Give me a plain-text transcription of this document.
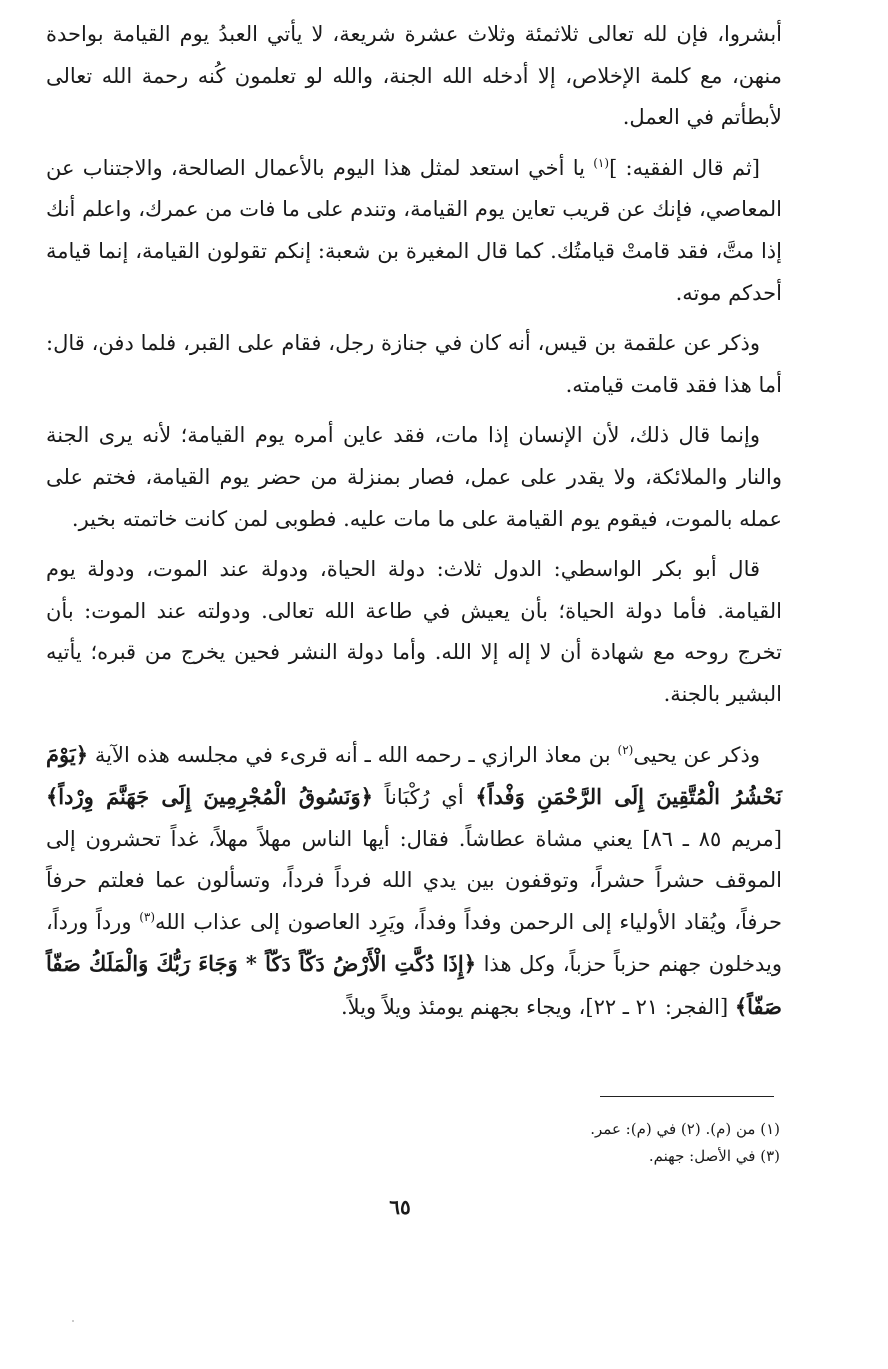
أبشروا، فإن لله تعالى ثلاثمئة وثلاث عشرة شريعة، لا يأتي العبدُ يوم القيامة بواحدة منهن، مع كلمة الإخلاص، إلا أدخله الله الجنة، والله لو تعلمون كُنه رحمة الله تعالى لأبطأتم في العمل.

[ثم قال الفقيه: ]$^{(١)}$ يا أخي استعد لمثل هذا اليوم بالأعمال الصالحة، والاجتناب عن المعاصي، فإنك عن قريب تعاين يوم القيامة، وتندم على ما فات من عمرك، واعلم أنك إذا متَّ، فقد قامتْ قيامتُك. كما قال المغيرة بن شعبة: إنكم تقولون القيامة، إنما قيامة أحدكم موته.

وذكر عن علقمة بن قيس، أنه كان في جنازة رجل، فقام على القبر، فلما دفن، قال: أما هذا فقد قامت قيامته.

وإنما قال ذلك، لأن الإنسان إذا مات، فقد عاين أمره يوم القيامة؛ لأنه يرى الجنة والنار والملائكة، ولا يقدر على عمل، فصار بمنزلة من حضر يوم القيامة، فختم على عمله بالموت، فيقوم يوم القيامة على ما مات عليه. فطوبى لمن كانت خاتمته بخير.

قال أبو بكر الواسطي: الدول ثلاث: دولة الحياة، ودولة عند الموت، ودولة يوم القيامة. فأما دولة الحياة؛ بأن يعيش في طاعة الله تعالى. ودولته عند الموت: بأن تخرج روحه مع شهادة أن لا إله إلا الله. وأما دولة النشر فحين يخرج من قبره؛ يأتيه البشير بالجنة.

وذكر عن يحيى$^{(٢)}$ بن معاذ الرازي ـ رحمه الله ـ أنه قرىء في مجلسه هذه الآية ﴿يَوْمَ نَحْشُرُ الْمُتَّقِينَ إِلَى الرَّحْمَنِ وَفْداً﴾ أي رُكْبَاناً ﴿وَنَسُوقُ الْمُجْرِمِينَ إِلَى جَهَنَّمَ وِرْداً﴾ [مريم ٨٥ ـ ٨٦] يعني مشاة عطاشاً. فقال: أيها الناس مهلاً مهلاً، غداً تحشرون إلى الموقف حشراً حشراً، وتوقفون بين يدي الله فرداً فرداً، وتسألون عما فعلتم حرفاً حرفاً، ويُقاد الأولياء إلى الرحمن وفداً وفداً، ويَرِد العاصون إلى عذاب الله$^{(٣)}$ ورداً ورداً، ويدخلون جهنم حزباً حزباً، وكل هذا ﴿إِذَا دُكَّتِ الْأَرْضُ دَكّاً دَكّاً * وَجَاءَ رَبُّكَ وَالْمَلَكُ صَفّاً صَفّاً﴾ [الفجر: ٢١ ـ ٢٢]، ويجاء بجهنم يومئذ ويلاً ويلاً.

(١) من (م). (٢) في (م): عمر.
(٣) في الأصل: جهنم.
٦٥
